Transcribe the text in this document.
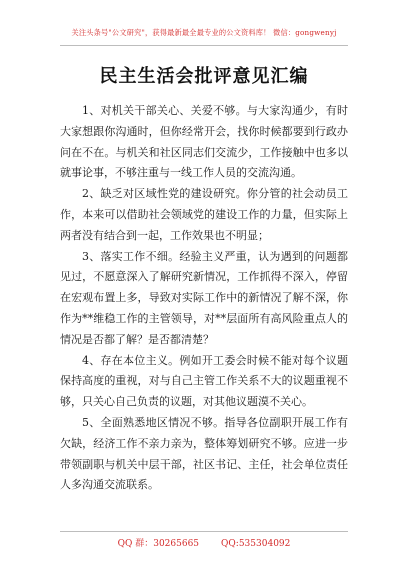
关注头条号"公文研究"，获得最新最全最专业的公文资料库！ 微信：gongwenyj
民主生活会批评意见汇编

1、对机关干部关心、关爱不够。与大家沟通少，有时大家想跟你沟通时，但你经常开会，找你时候都要到行政办问在不在。与机关和社区同志们交流少，工作接触中也多以就事论事，不够注重与一线工作人员的交流沟通。

2、缺乏对区域性党的建设研究。你分管的社会动员工作，本来可以借助社会领域党的建设工作的力量，但实际上两者没有结合到一起，工作效果也不明显；

3、落实工作不细。经验主义严重，认为遇到的问题都见过，不愿意深入了解研究新情况，工作抓得不深入，停留在宏观布置上多，导致对实际工作中的新情况了解不深，你作为**维稳工作的主管领导，对**层面所有高风险重点人的情况是否都了解？是否都清楚？

4、存在本位主义。例如开工委会时候不能对每个议题保持高度的重视，对与自己主管工作关系不大的议题重视不够，只关心自己负责的议题，对其他议题漠不关心。

5、全面熟悉地区情况不够。指导各位副职开展工作有欠缺，经济工作不亲力亲为，整体筹划研究不够。应进一步带领副职与机关中层干部，社区书记、主任，社会单位责任人多沟通交流联系。

QQ 群：30265665 QQ:535304092
